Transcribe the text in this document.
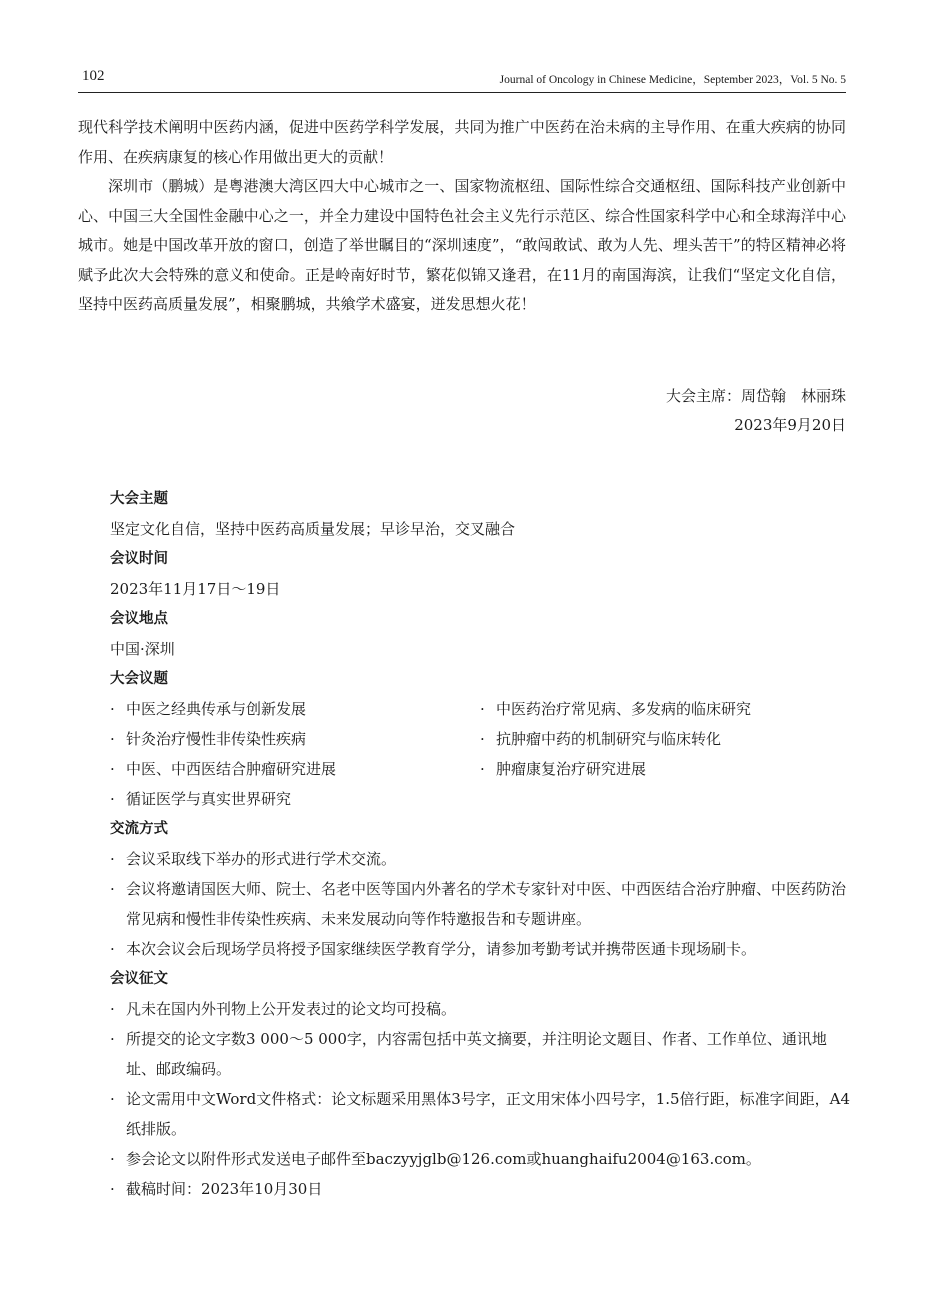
102	Journal of Oncology in Chinese Medicine，September 2023，Vol. 5 No. 5

现代科学技术阐明中医药内涵，促进中医药学科学发展，共同为推广中医药在治未病的主导作用、在重大疾病的协同作用、在疾病康复的核心作用做出更大的贡献！

深圳市（鹏城）是粤港澳大湾区四大中心城市之一、国家物流枢纽、国际性综合交通枢纽、国际科技产业创新中心、中国三大全国性金融中心之一，并全力建设中国特色社会主义先行示范区、综合性国家科学中心和全球海洋中心城市。她是中国改革开放的窗口，创造了举世瞩目的“深圳速度”，“敢闯敢试、敢为人先、埋头苦干”的特区精神必将赋予此次大会特殊的意义和使命。正是岭南好时节，繁花似锦又逢君，在11月的南国海滨，让我们“坚定文化自信，坚持中医药高质量发展”，相聚鹏城，共飨学术盛宴，迸发思想火花！

大会主席：周岱翰　林丽珠
2023年9月20日
大会主题
坚定文化自信，坚持中医药高质量发展；早诊早治，交叉融合
会议时间
2023年11月17日～19日
会议地点
中国·深圳
大会议题
· 中医之经典传承与创新发展	· 中医药治疗常见病、多发病的临床研究
· 针灸治疗慢性非传染性疾病	· 抗肿瘤中药的机制研究与临床转化
· 中医、中西医结合肿瘤研究进展	· 肿瘤康复治疗研究进展
· 循证医学与真实世界研究
交流方式
· 会议采取线下举办的形式进行学术交流。
· 会议将邀请国医大师、院士、名老中医等国内外著名的学术专家针对中医、中西医结合治疗肿瘤、中医药防治常见病和慢性非传染性疾病、未来发展动向等作特邀报告和专题讲座。
· 本次会议会后现场学员将授予国家继续医学教育学分，请参加考勤考试并携带医通卡现场刷卡。
会议征文
· 凡未在国内外刊物上公开发表过的论文均可投稿。
· 所提交的论文字数3 000～5 000字，内容需包括中英文摘要，并注明论文题目、作者、工作单位、通讯地址、邮政编码。
· 论文需用中文Word文件格式：论文标题采用黑体3号字，正文用宋体小四号字，1.5倍行距，标准字间距，A4纸排版。
· 参会论文以附件形式发送电子邮件至baczyyjglb@126.com或huanghaifu2004@163.com。
· 截稿时间：2023年10月30日
